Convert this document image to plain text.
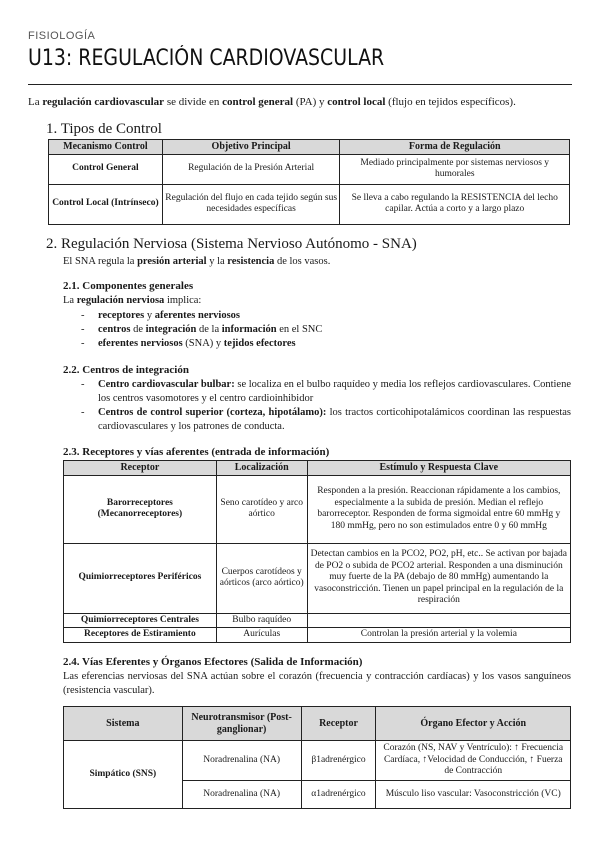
FISIOLOGÍA
U13: REGULACIÓN CARDIOVASCULAR
La regulación cardiovascular se divide en control general (PA) y control local (flujo en tejidos específicos).
1. Tipos de Control
Mecanismo Control	Objetivo Principal	Forma de Regulación
Control General	Regulación de la Presión Arterial	Mediado principalmente por sistemas nerviosos y humorales
Control Local (Intrínseco)	Regulación del flujo en cada tejido según sus necesidades específicas	Se lleva a cabo regulando la RESISTENCIA del lecho capilar. Actúa a corto y a largo plazo
2. Regulación Nerviosa (Sistema Nervioso Autónomo - SNA)
El SNA regula la presión arterial y la resistencia de los vasos.
2.1. Componentes generales
La regulación nerviosa implica:
- receptores y aferentes nerviosos
- centros de integración de la información en el SNC
- eferentes nerviosos (SNA) y tejidos efectores
2.2. Centros de integración
- Centro cardiovascular bulbar: se localiza en el bulbo raquídeo y media los reflejos cardiovasculares. Contiene los centros vasomotores y el centro cardioinhibidor
- Centros de control superior (corteza, hipotálamo): los tractos corticohipotalámicos coordinan las respuestas cardiovasculares y los patrones de conducta.
2.3. Receptores y vías aferentes (entrada de información)
Receptor	Localización	Estímulo y Respuesta Clave
Barorreceptores (Mecanorreceptores)	Seno carotídeo y arco aórtico	Responden a la presión. Reaccionan rápidamente a los cambios, especialmente a la subida de presión. Median el reflejo barorreceptor. Responden de forma sigmoidal entre 60 mmHg y 180 mmHg, pero no son estimulados entre 0 y 60 mmHg
Quimiorreceptores Periféricos	Cuerpos carotídeos y aórticos (arco aórtico)	Detectan cambios en la PCO2, PO2, pH, etc.. Se activan por bajada de PO2 o subida de PCO2 arterial. Responden a una disminución muy fuerte de la PA (debajo de 80 mmHg) aumentando la vasoconstricción. Tienen un papel principal en la regulación de la respiración
Quimiorreceptores Centrales	Bulbo raquídeo	
Receptores de Estiramiento	Aurículas	Controlan la presión arterial y la volemia
2.4. Vías Eferentes y Órganos Efectores (Salida de Información)
Las eferencias nerviosas del SNA actúan sobre el corazón (frecuencia y contracción cardíacas) y los vasos sanguíneos (resistencia vascular).
Sistema	Neurotransmisor (Post-ganglionar)	Receptor	Órgano Efector y Acción
Simpático (SNS)	Noradrenalina (NA)	β1adrenérgico	Corazón (NS, NAV y Ventrículo): ↑ Frecuencia Cardíaca, ↑Velocidad de Conducción, ↑ Fuerza de Contracción
	Noradrenalina (NA)	α1adrenérgico	Músculo liso vascular: Vasoconstricción (VC)
